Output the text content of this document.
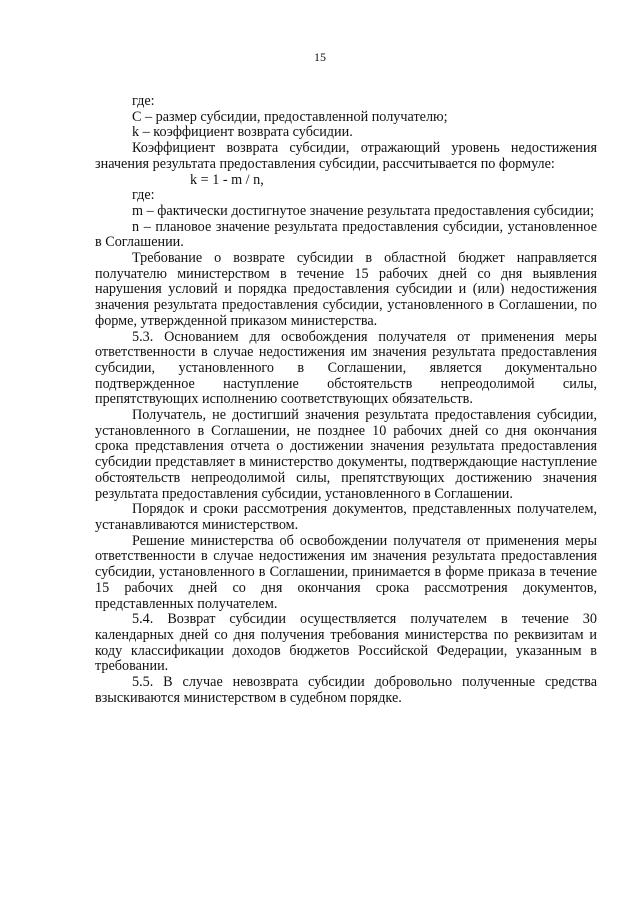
15

где:

С – размер субсидии, предоставленной получателю;

k – коэффициент возврата субсидии.

Коэффициент возврата субсидии, отражающий уровень недостижения значения результата предоставления субсидии, рассчитывается по формуле:

k = 1 - m / n,

где:

m – фактически достигнутое значение результата предоставления субсидии;

n – плановое значение результата предоставления субсидии, установленное в Соглашении.

Требование о возврате субсидии в областной бюджет направляется получателю министерством в течение 15 рабочих дней со дня выявления нарушения условий и порядка предоставления субсидии и (или) недостижения значения результата предоставления субсидии, установленного в Соглашении, по форме, утвержденной приказом министерства.

5.3. Основанием для освобождения получателя от применения меры ответственности в случае недостижения им значения результата предоставления субсидии, установленного в Соглашении, является документально подтвержденное наступление обстоятельств непреодолимой силы, препятствующих исполнению соответствующих обязательств.

Получатель, не достигший значения результата предоставления субсидии, установленного в Соглашении, не позднее 10 рабочих дней со дня окончания срока представления отчета о достижении значения результата предоставления субсидии представляет в министерство документы, подтверждающие наступление обстоятельств непреодолимой силы, препятствующих достижению значения результата предоставления субсидии, установленного в Соглашении.

Порядок и сроки рассмотрения документов, представленных получателем, устанавливаются министерством.

Решение министерства об освобождении получателя от применения меры ответственности в случае недостижения им значения результата предоставления субсидии, установленного в Соглашении, принимается в форме приказа в течение 15 рабочих дней со дня окончания срока рассмотрения документов, представленных получателем.

5.4. Возврат субсидии осуществляется получателем в течение 30 календарных дней со дня получения требования министерства по реквизитам и коду классификации доходов бюджетов Российской Федерации, указанным в требовании.

5.5. В случае невозврата субсидии добровольно полученные средства взыскиваются министерством в судебном порядке.
